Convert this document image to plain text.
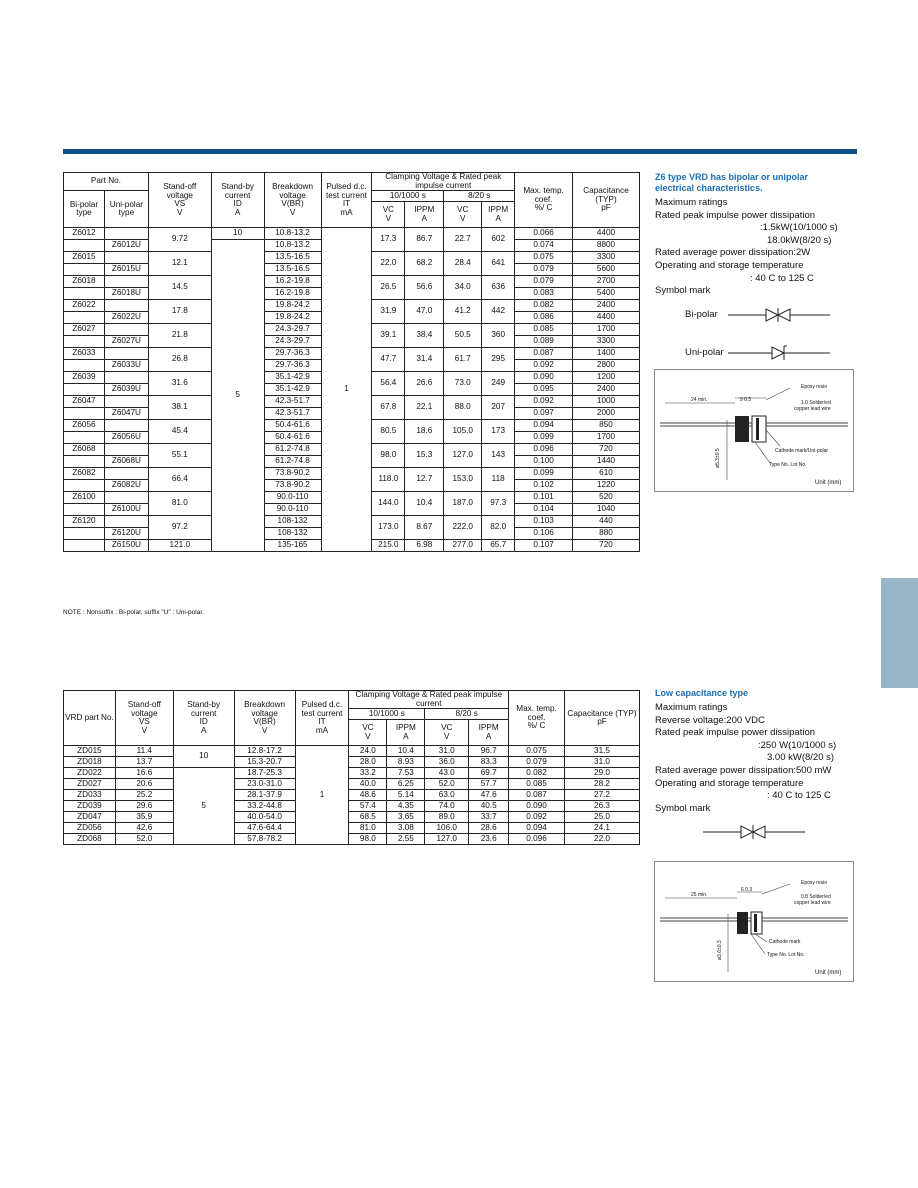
Part No.		Stand-off voltage
VS
V	Stand-by current
ID
A	Breakdown voltage
V(BR)
V	Pulsed d.c. test current
IT
mA	Clamping Voltage & Rated peak impulse current				Max. temp. coef.
%/ C	Capacitance (TYP)
pF
Bi-polar type	Uni-polar type					10/1000 s		8/20 s			
						VC
V	IPPM
A	VC
V	IPPM
A		
Z6012		9.72	10	10.8-13.2	1	17.3	86.7	22.7	602	0.066	4400
	Z6012U		5	10.8-13.2						0.074	8800
Z6015		12.1		13.5-16.5		22.0	68.2	28.4	641	0.075	3300
	Z6015U			13.5-16.5						0.079	5600
Z6018		14.5		16.2-19.8		26.5	56.6	34.0	636	0.079	2700
	Z6018U			16.2-19.8						0.083	5400
Z6022		17.8		19.8-24.2		31.9	47.0	41.2	442	0.082	2400
	Z6022U			19.8-24.2						0.086	4400
Z6027		21.8		24.3-29.7		39.1	38.4	50.5	360	0.085	1700
	Z6027U			24.3-29.7						0.089	3300
Z6033		26.8		29.7-36.3		47.7	31.4	61.7	295	0.087	1400
	Z6033U			29.7-36.3						0.092	2800
Z6039		31.6		35.1-42.9		56.4	26.6	73.0	249	0.090	1200
	Z6039U			35.1-42.9						0.095	2400
Z6047		38.1		42.3-51.7		67.8	22.1	88.0	207	0.092	1000
	Z6047U			42.3-51.7						0.097	2000
Z6056		45.4		50.4-61.6		80.5	18.6	105.0	173	0.094	850
	Z6056U			50.4-61.6						0.099	1700
Z6068		55.1		61.2-74.8		98.0	15.3	127.0	143	0.096	720
	Z6068U			61.2-74.8						0.100	1440
Z6082		66.4		73.8-90.2		118.0	12.7	153.0	118	0.099	610
	Z6082U			73.8-90.2						0.102	1220
Z6100		81.0		90.0-110		144.0	10.4	187.0	97.3	0.101	520
	Z6100U			90.0-110						0.104	1040
Z6120		97.2		108-132		173.0	8.67	222.0	82.0	0.103	440
	Z6120U			108-132						0.106	880
	Z6150U	121.0		135-165		215.0	6.98	277.0	65.7	0.107	720
NOTE : Nonsuffix : Bi-polar, suffix "U" : Uni-polar.
VRD part No.	Stand-off voltage
VS
V	Stand-by current
ID
A	Breakdown voltage
V(BR)
V	Pulsed d.c. test current
IT
mA	Clamping Voltage & Rated peak impulse current				Max. temp. coef.
%/ C	Capacitance (TYP)
pF
					10/1000 s		8/20 s			
					VC
V	IPPM
A	VC
V	IPPM
A		
ZD015	11.4	10	12.8-17.2	1	24.0	10.4	31.0	96.7	0.075	31.5
ZD018	13.7		15.3-20.7		28.0	8.93	36.0	83.3	0.079	31.0
ZD022	16.6	5	18.7-25.3		33.2	7.53	43.0	69.7	0.082	29.0
ZD027	20.6		23.0-31.0		40.0	6.25	52.0	57.7	0.085	28.2
ZD033	25.2		28.1-37.9		48.6	5.14	63.0	47.6	0.087	27.2
ZD039	29.6		33.2-44.8		57.4	4.35	74.0	40.5	0.090	26.3
ZD047	35.9		40.0-54.0		68.5	3.65	89.0	33.7	0.092	25.0
ZD056	42.6		47.6-64.4		81.0	3.08	106.0	28.6	0.094	24.1
ZD068	52.0		57.8-78.2		98.0	2.55	127.0	23.6	0.096	22.0
Z6 type VRD has bipolar or unipolar
electrical characteristics.
Maximum ratings
Rated peak impulse power dissipation
:1.5kW(10/1000 s)
18.0kW(8/20 s)
Rated average power dissipation:2W
Operating and storage temperature
: 40 C to 125 C
Symbol mark
Bi-polar
Uni-polar
Epoxy resin
1.0 Solder/ed
copper lead wire
24 min.	9 0.5
Cathode mark/Uni-polar
Type No. Lot No.
ø5.3±0.5
Unit (mm)
Low capacitance type
Maximum ratings
Reverse voltage:200 VDC
Rated peak impulse power dissipation
:250 W(10/1000 s)
3.00 kW(8/20 s)
Rated average power dissipation:500 mW
Operating and storage temperature
: 40 C to 125 C
Symbol mark
Epoxy resin
0.8 Solder/ed
copper lead wire
25 min.
6 0.3
Cathode mark
Type No. Lot No.
ø3.6±0.3
Unit (mm)
